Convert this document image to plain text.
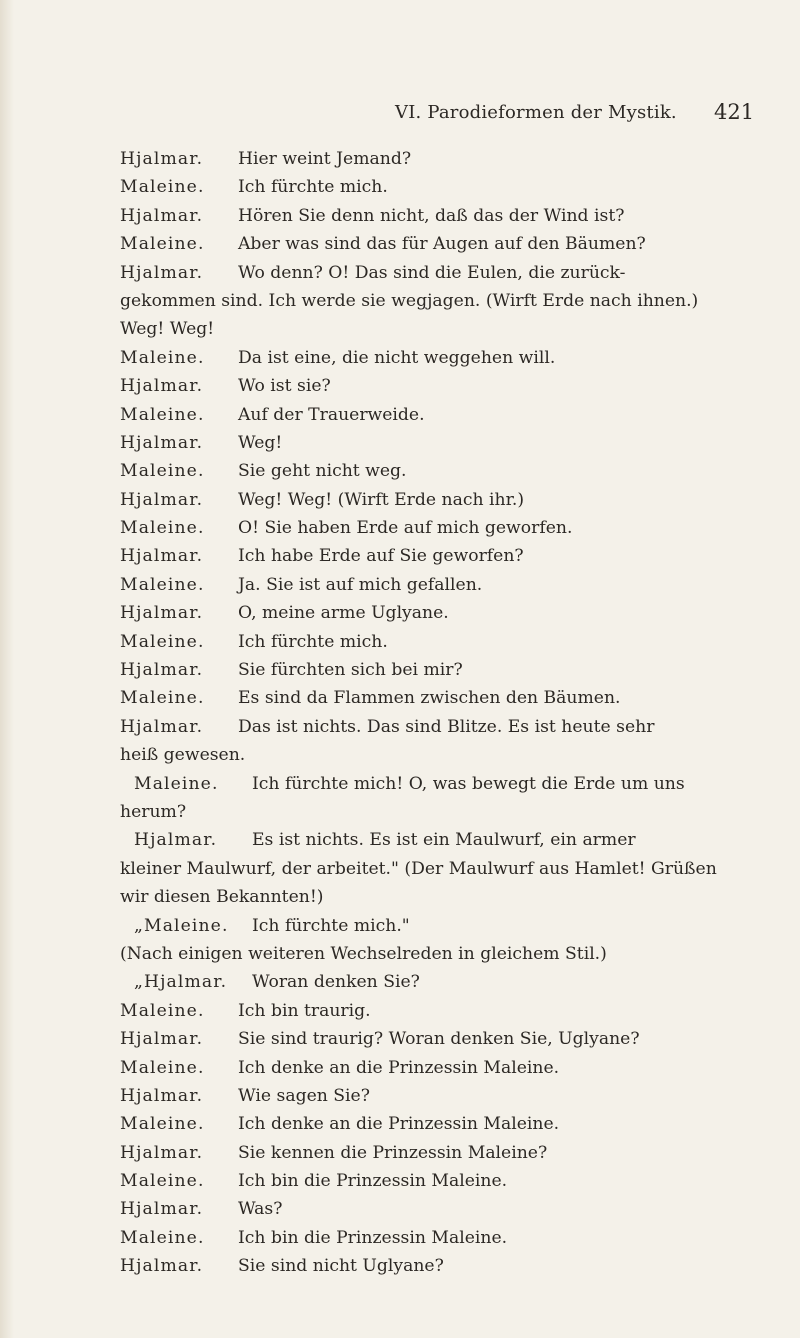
VI. Parodieformen der Mystik. 421
Hjalmar. Hier weint Jemand?
Maleine. Ich fürchte mich.
Hjalmar. Hören Sie denn nicht, daß das der Wind ist?
Maleine. Aber was sind das für Augen auf den Bäumen?
Hjalmar. Wo denn? O! Das sind die Eulen, die zurück-
gekommen sind. Ich werde sie wegjagen. (Wirft Erde nach ihnen.)
Weg! Weg!
Maleine. Da ist eine, die nicht weggehen will.
Hjalmar. Wo ist sie?
Maleine. Auf der Trauerweide.
Hjalmar. Weg!
Maleine. Sie geht nicht weg.
Hjalmar. Weg! Weg! (Wirft Erde nach ihr.)
Maleine. O! Sie haben Erde auf mich geworfen.
Hjalmar. Ich habe Erde auf Sie geworfen?
Maleine. Ja. Sie ist auf mich gefallen.
Hjalmar. O, meine arme Uglyane.
Maleine. Ich fürchte mich.
Hjalmar. Sie fürchten sich bei mir?
Maleine. Es sind da Flammen zwischen den Bäumen.
Hjalmar. Das ist nichts. Das sind Blitze. Es ist heute sehr
heiß gewesen.
Maleine. Ich fürchte mich! O, was bewegt die Erde um uns
herum?
Hjalmar. Es ist nichts. Es ist ein Maulwurf, ein armer
kleiner Maulwurf, der arbeitet." (Der Maulwurf aus Hamlet! Grüßen
wir diesen Bekannten!)
„Maleine. Ich fürchte mich."
(Nach einigen weiteren Wechselreden in gleichem Stil.)
„Hjalmar. Woran denken Sie?
Maleine. Ich bin traurig.
Hjalmar. Sie sind traurig? Woran denken Sie, Uglyane?
Maleine. Ich denke an die Prinzessin Maleine.
Hjalmar. Wie sagen Sie?
Maleine. Ich denke an die Prinzessin Maleine.
Hjalmar. Sie kennen die Prinzessin Maleine?
Maleine. Ich bin die Prinzessin Maleine.
Hjalmar. Was?
Maleine. Ich bin die Prinzessin Maleine.
Hjalmar. Sie sind nicht Uglyane?
